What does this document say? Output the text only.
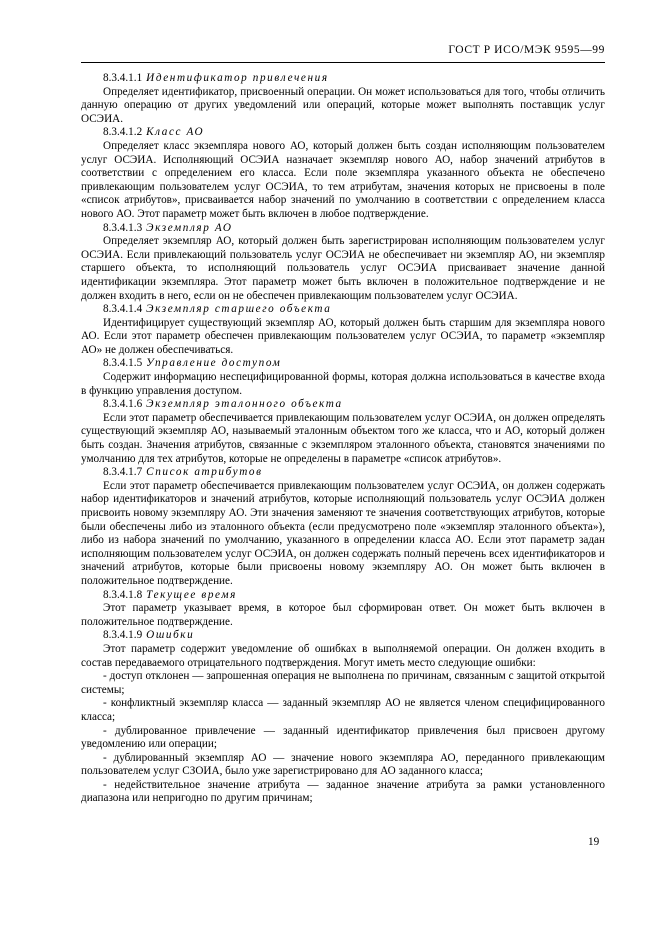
ГОСТ Р ИСО/МЭК 9595—99
8.3.4.1.1 Идентификатор привлечения

Определяет идентификатор, присвоенный операции. Он может использоваться для того, чтобы отличить данную операцию от других уведомлений или операций, которые может выполнять поставщик услуг ОСЭИА.

8.3.4.1.2 Класс АО

Определяет класс экземпляра нового АО, который должен быть создан исполняющим пользователем услуг ОСЭИА. Исполняющий ОСЭИА назначает экземпляр нового АО, набор значений атрибутов в соответствии с определением его класса. Если поле экземпляра указанного объекта не обеспечено привлекающим пользователем услуг ОСЭИА, то тем атрибутам, значения которых не присвоены в поле «список атрибутов», присваивается набор значений по умолчанию в соответствии с определением класса нового АО. Этот параметр может быть включен в любое подтверждение.

8.3.4.1.3 Экземпляр АО

Определяет экземпляр АО, который должен быть зарегистрирован исполняющим пользователем услуг ОСЭИА. Если привлекающий пользователь услуг ОСЭИА не обеспечивает ни экземпляр АО, ни экземпляр старшего объекта, то исполняющий пользователь услуг ОСЭИА присваивает значение данной идентификации экземпляра. Этот параметр может быть включен в положительное подтверждение и не должен входить в него, если он не обеспечен привлекающим пользователем услуг ОСЭИА.

8.3.4.1.4 Экземпляр старшего объекта

Идентифицирует существующий экземпляр АО, который должен быть старшим для экземпляра нового АО. Если этот параметр обеспечен привлекающим пользователем услуг ОСЭИА, то параметр «экземпляр АО» не должен обеспечиваться.

8.3.4.1.5 Управление доступом

Содержит информацию неспецифицированной формы, которая должна использоваться в качестве входа в функцию управления доступом.

8.3.4.1.6 Экземпляр эталонного объекта

Если этот параметр обеспечивается привлекающим пользователем услуг ОСЭИА, он должен определять существующий экземпляр АО, называемый эталонным объектом того же класса, что и АО, который должен быть создан. Значения атрибутов, связанные с экземпляром эталонного объекта, становятся значениями по умолчанию для тех атрибутов, которые не определены в параметре «список атрибутов».

8.3.4.1.7 Список атрибутов

Если этот параметр обеспечивается привлекающим пользователем услуг ОСЭИА, он должен содержать набор идентификаторов и значений атрибутов, которые исполняющий пользователь услуг ОСЭИА должен присвоить новому экземпляру АО. Эти значения заменяют те значения соответствующих атрибутов, которые были обеспечены либо из эталонного объекта (если предусмотрено поле «экземпляр эталонного объекта»), либо из набора значений по умолчанию, указанного в определении класса АО. Если этот параметр задан исполняющим пользователем услуг ОСЭИА, он должен содержать полный перечень всех идентификаторов и значений атрибутов, которые были присвоены новому экземпляру АО. Он может быть включен в положительное подтверждение.

8.3.4.1.8 Текущее время

Этот параметр указывает время, в которое был сформирован ответ. Он может быть включен в положительное подтверждение.

8.3.4.1.9 Ошибки

Этот параметр содержит уведомление об ошибках в выполняемой операции. Он должен входить в состав передаваемого отрицательного подтверждения. Могут иметь место следующие ошибки:

- доступ отклонен — запрошенная операция не выполнена по причинам, связанным с защитой открытой системы;

- конфликтный экземпляр класса — заданный экземпляр АО не является членом специфицированного класса;

- дублированное привлечение — заданный идентификатор привлечения был присвоен другому уведомлению или операции;

- дублированный экземпляр АО — значение нового экземпляра АО, переданного привлекающим пользователем услуг СЗОИА, было уже зарегистрировано для АО заданного класса;

- недействительное значение атрибута — заданное значение атрибута за рамки установленного диапазона или непригодно по другим причинам;

19
